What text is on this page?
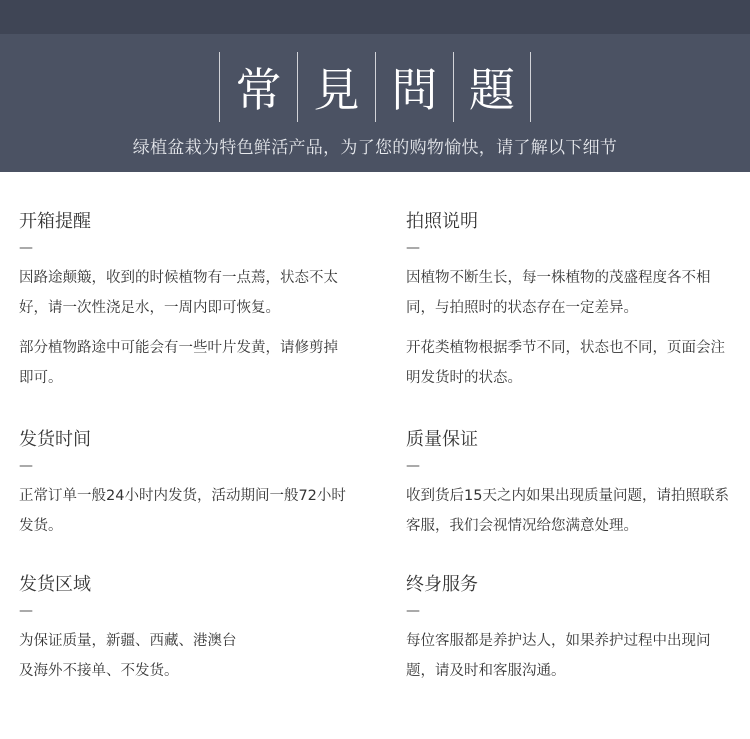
常 見 問 題
绿植盆栽为特色鲜活产品，为了您的购物愉快，请了解以下细节
开箱提醒
—
因路途颠簸，收到的时候植物有一点蔫，状态不太好，请一次性浇足水，一周内即可恢复。
部分植物路途中可能会有一些叶片发黄，请修剪掉即可。
拍照说明
—
因植物不断生长，每一株植物的茂盛程度各不相同，与拍照时的状态存在一定差异。
开花类植物根据季节不同，状态也不同，页面会注明发货时的状态。
发货时间
—
正常订单一般24小时内发货，活动期间一般72小时发货。
质量保证
—
收到货后15天之内如果出现质量问题，请拍照联系客服，我们会视情况给您满意处理。
发货区域
—
为保证质量，新疆、西藏、港澳台及海外不接单、不发货。
终身服务
—
每位客服都是养护达人，如果养护过程中出现问题，请及时和客服沟通。
